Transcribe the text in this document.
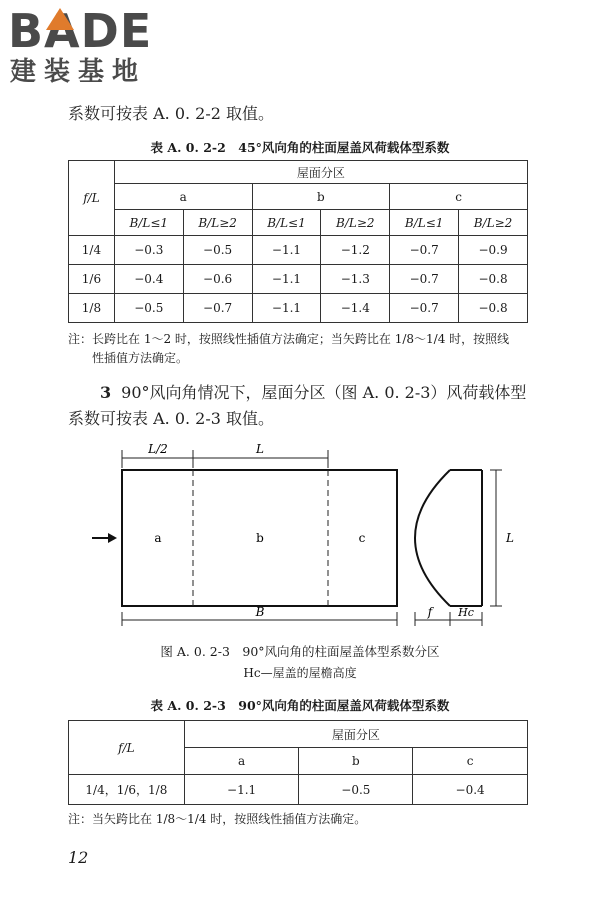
BADE
建装基地
系数可按表 A. 0. 2-2 取值。
表 A. 0. 2-2　45°风向角的柱面屋盖风荷载体型系数
f/L	屋面分区					
	a		b		c	
	B/L≤1	B/L≥2	B/L≤1	B/L≥2	B/L≤1	B/L≥2
1/4	−0.3	−0.5	−1.1	−1.2	−0.7	−0.9
1/6	−0.4	−0.6	−1.1	−1.3	−0.7	−0.8
1/8	−0.5	−0.7	−1.1	−1.4	−0.7	−0.8
注：长跨比在 1～2 时，按照线性插值方法确定；当矢跨比在 1/8～1/4 时，按照线
性插值方法确定。
3 90°风向角情况下，屋面分区（图 A. 0. 2-3）风荷载体型
系数可按表 A. 0. 2-3 取值。
L/2	L
a	b	c
B
L
f Hc
图 A. 0. 2-3　90°风向角的柱面屋盖体型系数分区
Hc—屋盖的屋檐高度
表 A. 0. 2-3　90°风向角的柱面屋盖风荷载体型系数
f/L	屋面分区		
	a	b	c
1/4，1/6，1/8	−1.1	−0.5	−0.4
注：当矢跨比在 1/8～1/4 时，按照线性插值方法确定。
12
